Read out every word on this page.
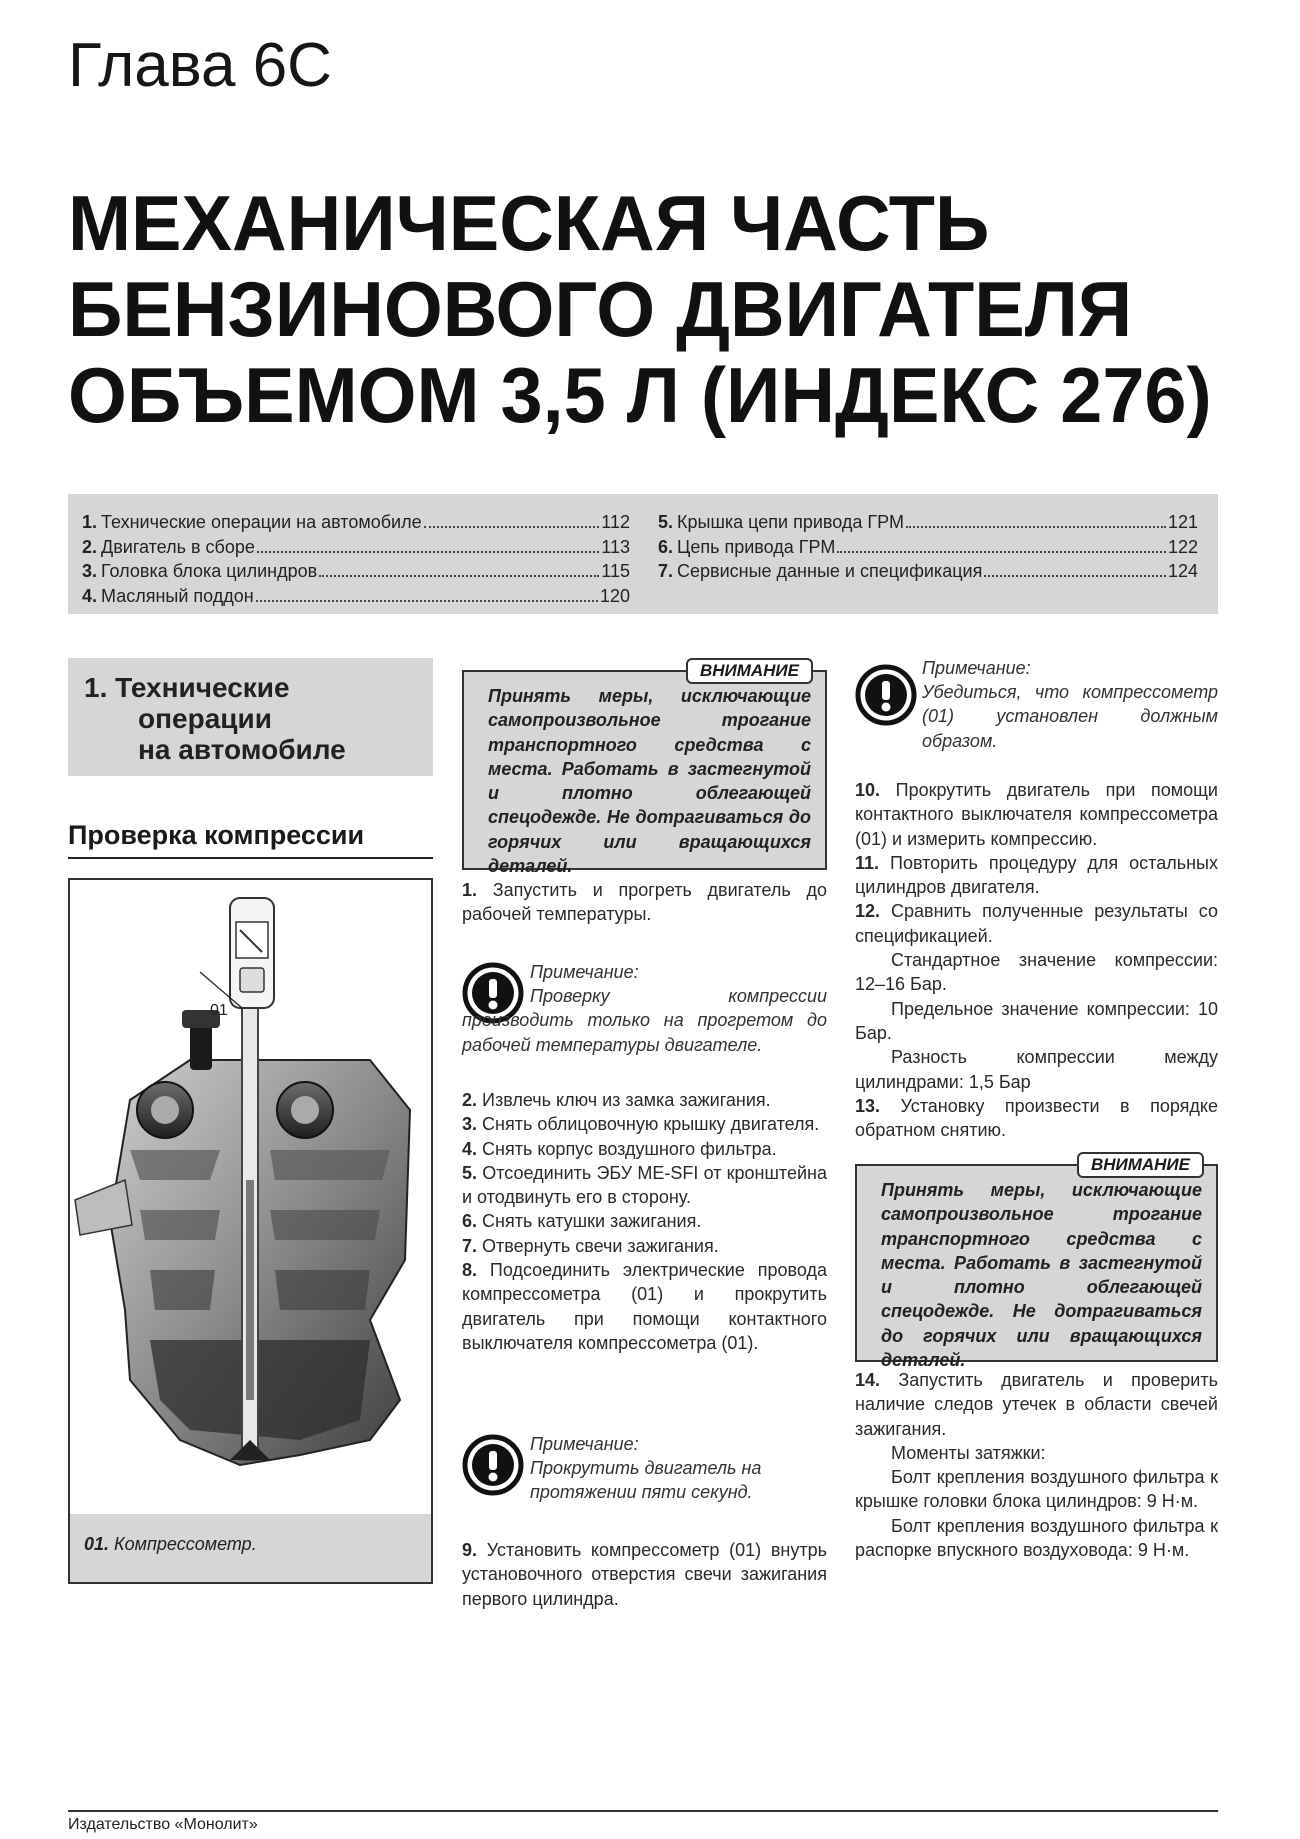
Глава 6С
МЕХАНИЧЕСКАЯ ЧАСТЬ
БЕНЗИНОВОГО ДВИГАТЕЛЯ
ОБЪЕМОМ 3,5 Л (ИНДЕКС 276)
1. Технические операции на автомобиле	112
2. Двигатель в сборе	113
3. Головка блока цилиндров	115
4. Масляный поддон	120
5. Крышка цепи привода ГРМ	121
6. Цепь привода ГРМ	122
7. Сервисные данные и спецификация	124
1. Технические
операции
на автомобиле
Проверка компрессии
01
01. Компрессометр.
ВНИМАНИЕ
Принять меры, исключающие самопроизвольное трогание транспортного средства с места. Работать в застегнутой и плотно облегающей спецодежде. Не дотрагиваться до горячих или вращающихся деталей.

1. Запустить и прогреть двигатель до рабочей температуры.

Примечание:
Проверку компрессии производить только на прогретом до рабочей температуры двигателе.

2. Извлечь ключ из замка зажигания.

3. Снять облицовочную крышку двигателя.

4. Снять корпус воздушного фильтра.

5. Отсоединить ЭБУ ME-SFI от кронштейна и отодвинуть его в сторону.

6. Снять катушки зажигания.

7. Отвернуть свечи зажигания.

8. Подсоединить электрические провода компрессометра (01) и прокрутить двигатель при помощи контактного выключателя компрессометра (01).

Примечание:
Прокрутить двигатель на протяжении пяти секунд.

9. Установить компрессометр (01) внутрь установочного отверстия свечи зажигания первого цилиндра.

Примечание:
Убедиться, что компрессометр (01) установлен должным образом.

10. Прокрутить двигатель при помощи контактного выключателя компрессометра (01) и измерить компрессию.

11. Повторить процедуру для остальных цилиндров двигателя.

12. Сравнить полученные результаты со спецификацией.

Стандартное значение компрессии: 12–16 Бар.

Предельное значение компрессии: 10 Бар.

Разность компрессии между цилиндрами: 1,5 Бар

13. Установку произвести в порядке обратном снятию.

ВНИМАНИЕ
Принять меры, исключающие самопроизвольное трогание транспортного средства с места. Работать в застегнутой и плотно облегающей спецодежде. Не дотрагиваться до горячих или вращающихся деталей.

14. Запустить двигатель и проверить наличие следов утечек в области свечей зажигания.

Моменты затяжки:

Болт крепления воздушного фильтра к крышке головки блока цилиндров: 9 Н·м.

Болт крепления воздушного фильтра к распорке впускного воздуховода: 9 Н·м.

Издательство «Монолит»
